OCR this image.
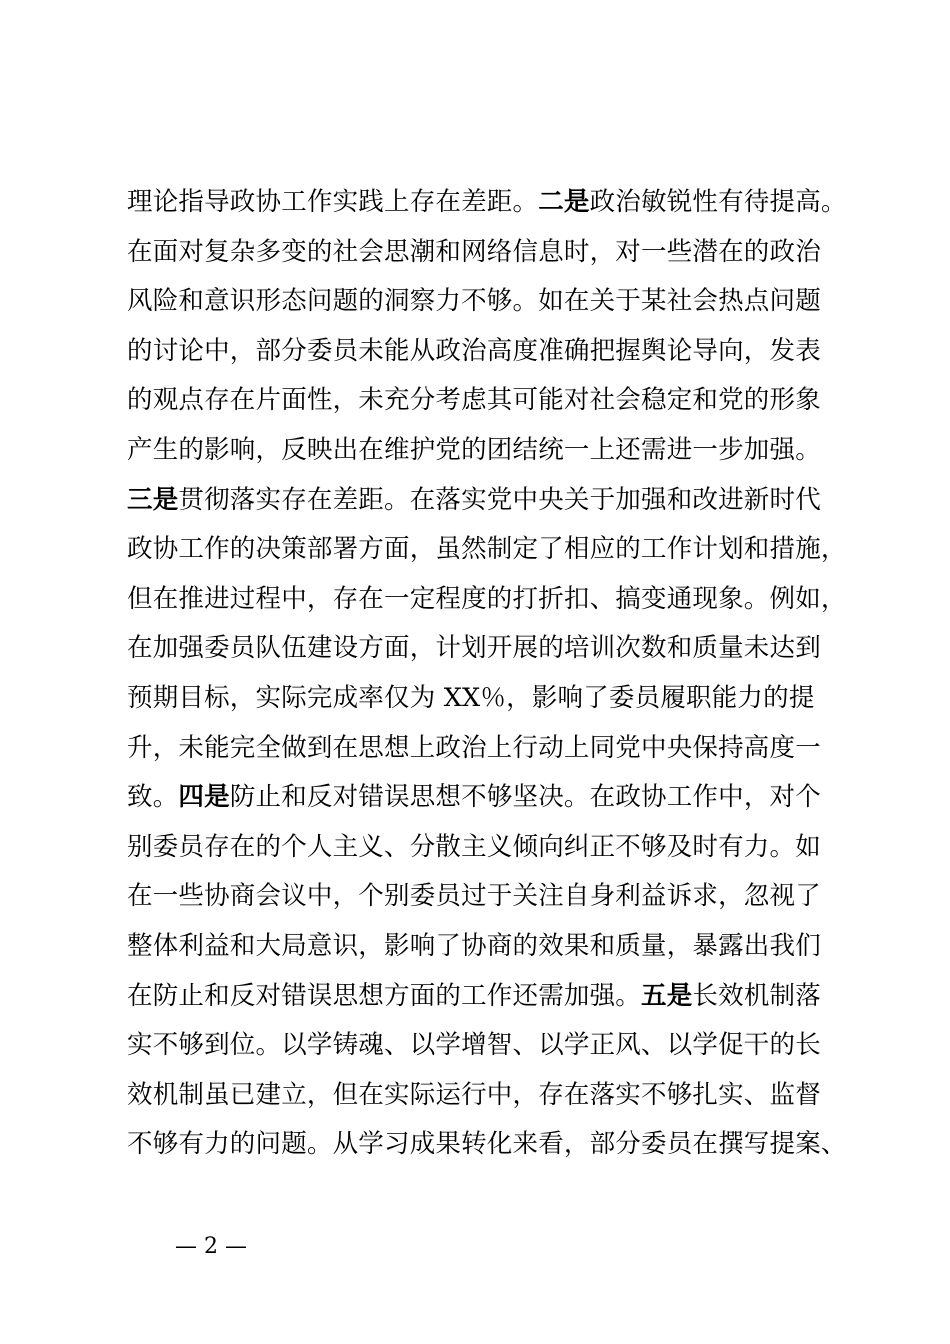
理论指导政协工作实践上存在差距。二是政治敏锐性有待提高。
在面对复杂多变的社会思潮和网络信息时，对一些潜在的政治
风险和意识形态问题的洞察力不够。如在关于某社会热点问题
的讨论中，部分委员未能从政治高度准确把握舆论导向，发表
的观点存在片面性，未充分考虑其可能对社会稳定和党的形象
产生的影响，反映出在维护党的团结统一上还需进一步加强。
三是贯彻落实存在差距。在落实党中央关于加强和改进新时代
政协工作的决策部署方面，虽然制定了相应的工作计划和措施，
但在推进过程中，存在一定程度的打折扣、搞变通现象。例如，
在加强委员队伍建设方面，计划开展的培训次数和质量未达到
预期目标，实际完成率仅为 XX％，影响了委员履职能力的提
升，未能完全做到在思想上政治上行动上同党中央保持高度一
致。四是防止和反对错误思想不够坚决。在政协工作中，对个
别委员存在的个人主义、分散主义倾向纠正不够及时有力。如
在一些协商会议中，个别委员过于关注自身利益诉求，忽视了
整体利益和大局意识，影响了协商的效果和质量，暴露出我们
在防止和反对错误思想方面的工作还需加强。五是长效机制落
实不够到位。以学铸魂、以学增智、以学正风、以学促干的长
效机制虽已建立，但在实际运行中，存在落实不够扎实、监督
不够有力的问题。从学习成果转化来看，部分委员在撰写提案、
— 2 —
